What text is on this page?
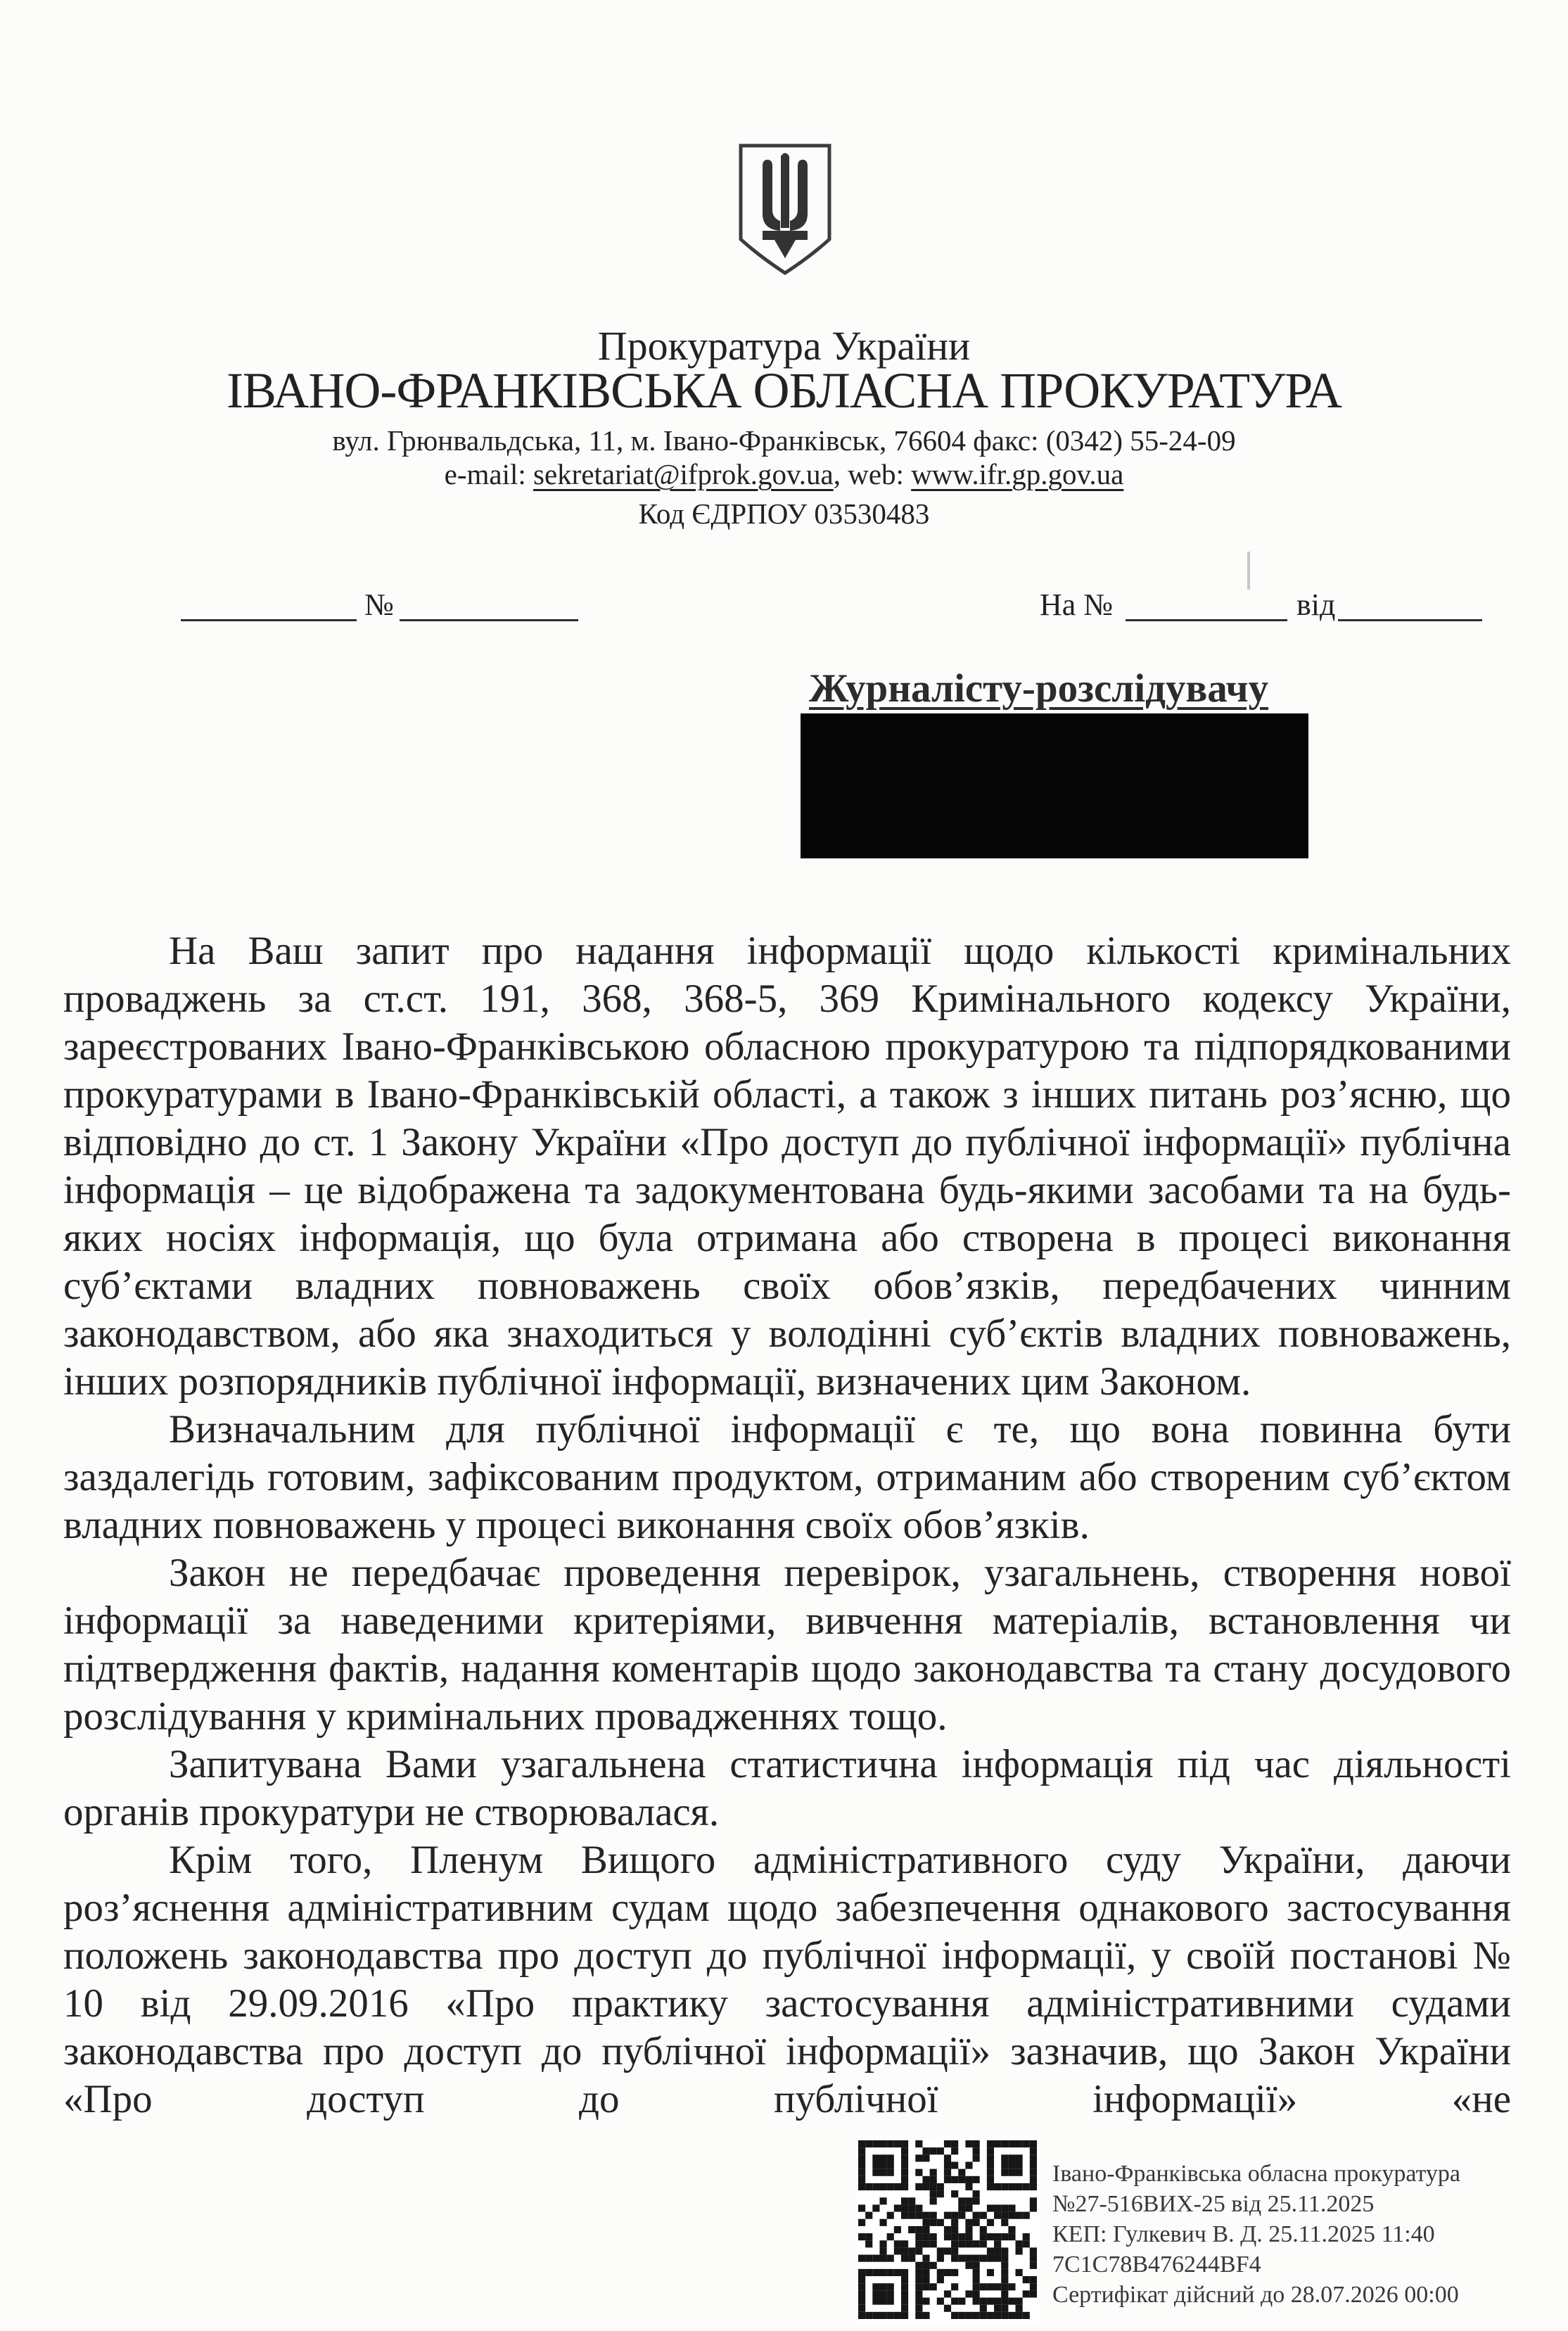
Прокуратура України
ІВАНО-ФРАНКІВСЬКА ОБЛАСНА ПРОКУРАТУРА
вул. Грюнвальдська, 11, м. Івано-Франківськ, 76604 факс: (0342) 55-24-09
e-mail: sekretariat@ifprok.gov.ua, web: www.ifr.gp.gov.ua
Код ЄДРПОУ 03530483
№	На №	від
Журналісту-розслідувачу

На Ваш запит про надання інформації щодо кількості кримінальних проваджень за ст.ст. 191, 368, 368-5, 369 Кримінального кодексу України, зареєстрованих Івано-Франківською обласною прокуратурою та підпорядкованими прокуратурами в Івано-Франківській області, а також з інших питань роз’ясню, що відповідно до ст. 1 Закону України «Про доступ до публічної інформації» публічна інформація – це відображена та задокументована будь-якими засобами та на будь-яких носіях інформація, що була отримана або створена в процесі виконання суб’єктами владних повноважень своїх обов’язків, передбачених чинним законодавством, або яка знаходиться у володінні суб’єктів владних повноважень, інших розпорядників публічної інформації, визначених цим Законом.

Визначальним для публічної інформації є те, що вона повинна бути заздалегідь готовим, зафіксованим продуктом, отриманим або створеним суб’єктом владних повноважень у процесі виконання своїх обов’язків.

Закон не передбачає проведення перевірок, узагальнень, створення нової інформації за наведеними критеріями, вивчення матеріалів, встановлення чи підтвердження фактів, надання коментарів щодо законодавства та стану досудового розслідування у кримінальних провадженнях тощо.

Запитувана Вами узагальнена статистична інформація під час діяльності органів прокуратури не створювалася.

Крім того, Пленум Вищого адміністративного суду України, даючи роз’яснення адміністративним судам щодо забезпечення однакового застосування положень законодавства про доступ до публічної інформації, у своїй постанові № 10 від 29.09.2016 «Про практику застосування адміністративними судами законодавства про доступ до публічної інформації» зазначив, що Закон України «Про доступ до публічної інформації» «не

Івано-Франківська обласна прокуратура
№27-516ВИХ-25 від 25.11.2025
КЕП: Гулкевич В. Д. 25.11.2025 11:40
7C1C78B476244BF4
Сертифікат дійсний до 28.07.2026 00:00
